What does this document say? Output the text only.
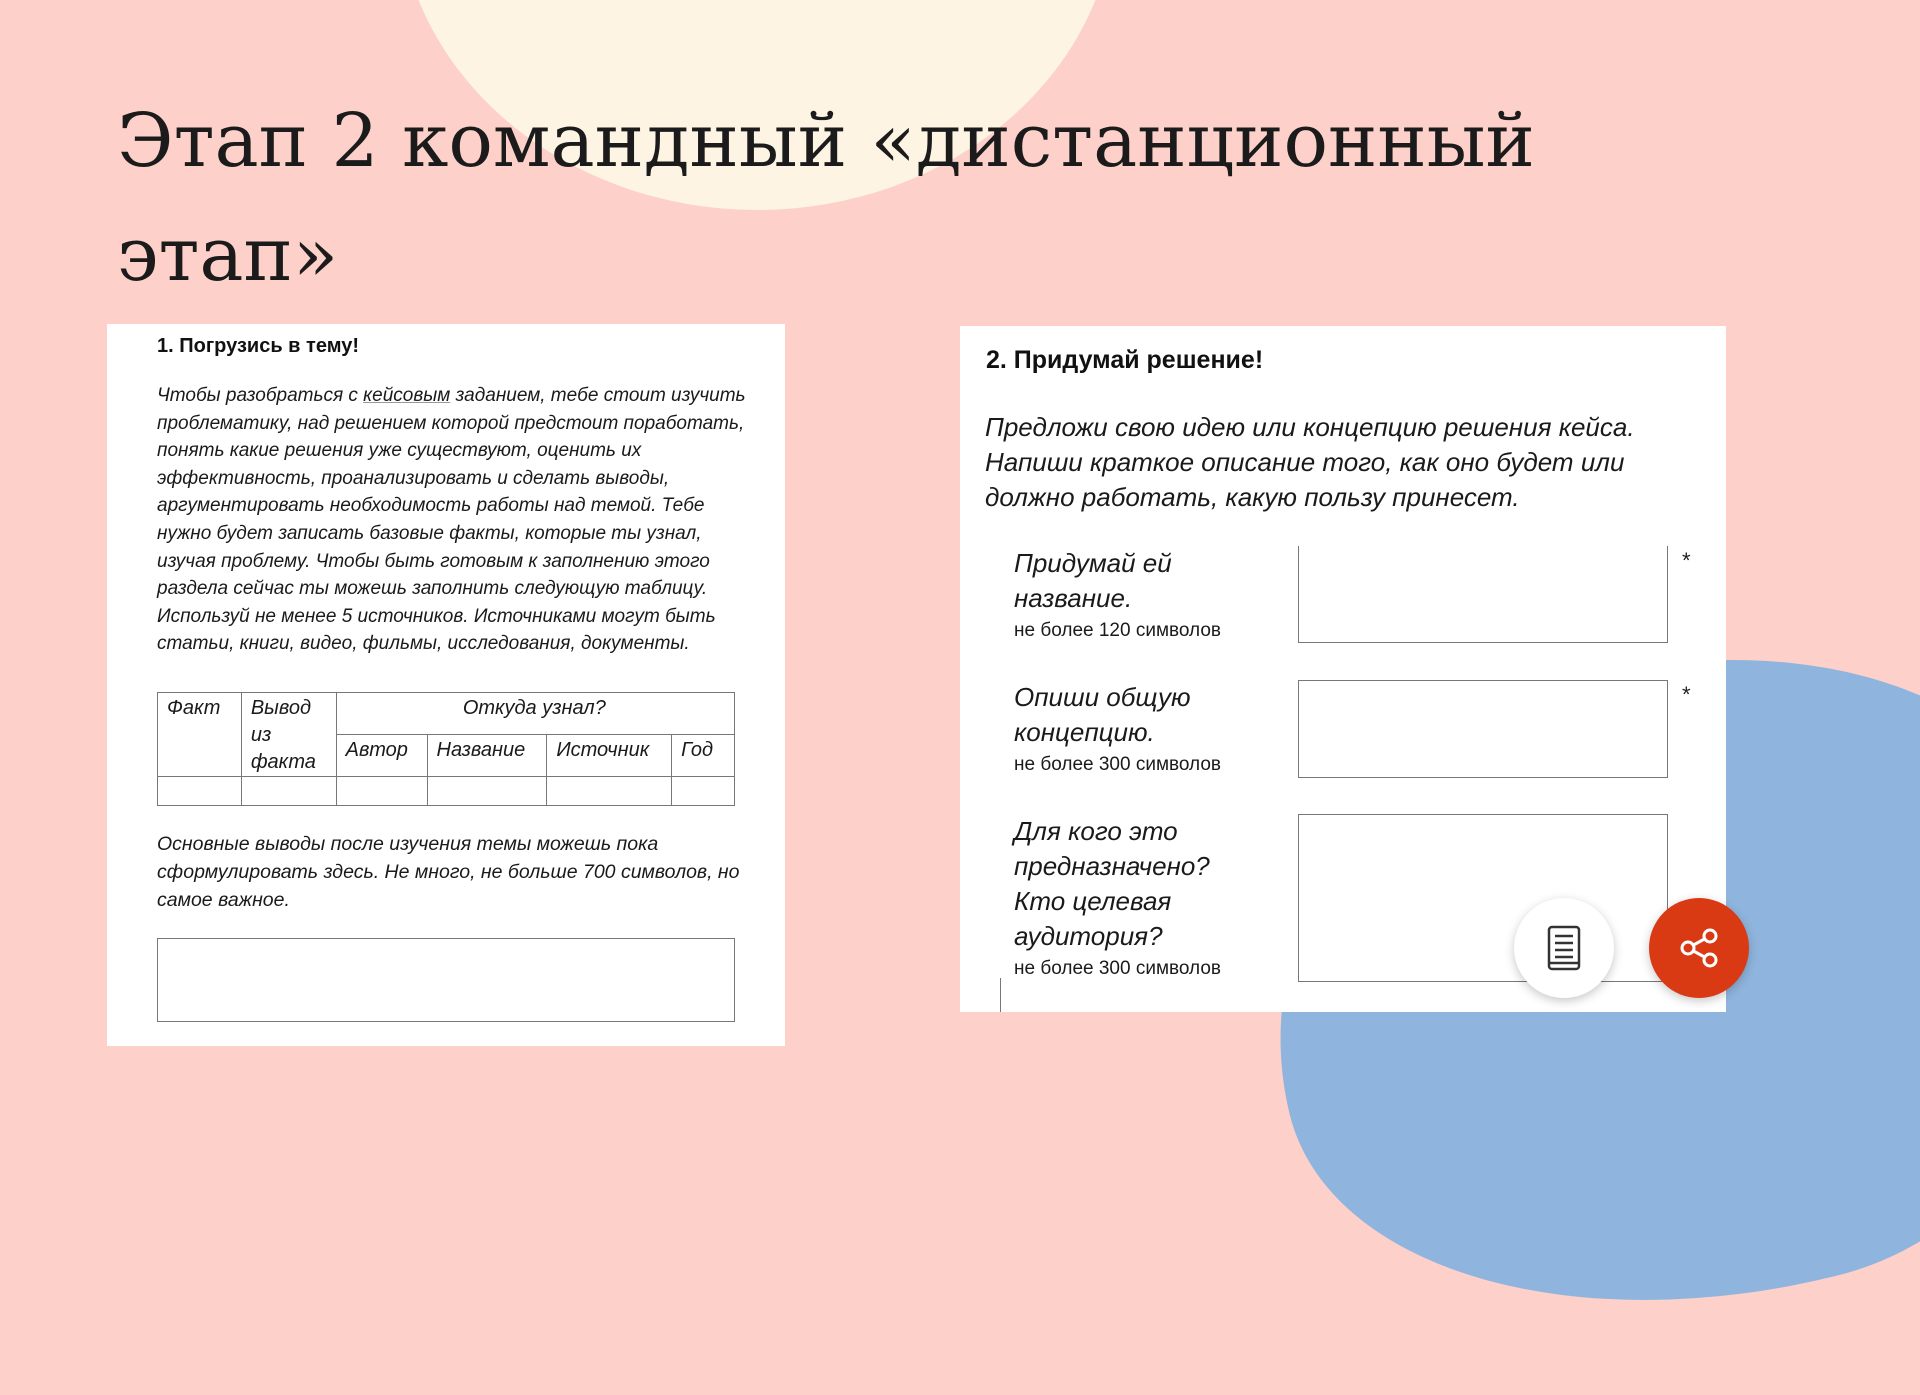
Этап 2 командный «дистанционный
этап»
1. Погрузись в тему!
Чтобы разобраться с кейсовым заданием, тебе стоит изучить проблематику, над решением которой предстоит поработать, понять какие решения уже существуют, оценить их эффективность, проанализировать и сделать выводы, аргументировать необходимость работы над темой. Тебе нужно будет записать базовые факты, которые ты узнал, изучая проблему. Чтобы быть готовым к заполнению этого раздела сейчас ты можешь заполнить следующую таблицу. Используй не менее 5 источников. Источниками могут быть статьи, книги, видео, фильмы, исследования, документы.
Факт	Вывод из факта	Откуда узнал?			
		Автор	Название	Источник	Год

Основные выводы после изучения темы можешь пока сформулировать здесь. Не много, не больше 700 символов, но самое важное.
2. Придумай решение!
Предложи свою идею или концепцию решения кейса. Напиши краткое описание того, как оно будет или должно работать, какую пользу принесет.
Придумай ей название.
не более 120 символов
*
Опиши общую концепцию.
не более 300 символов
*
Для кого это предназначено? Кто целевая аудитория?
не более 300 символов
